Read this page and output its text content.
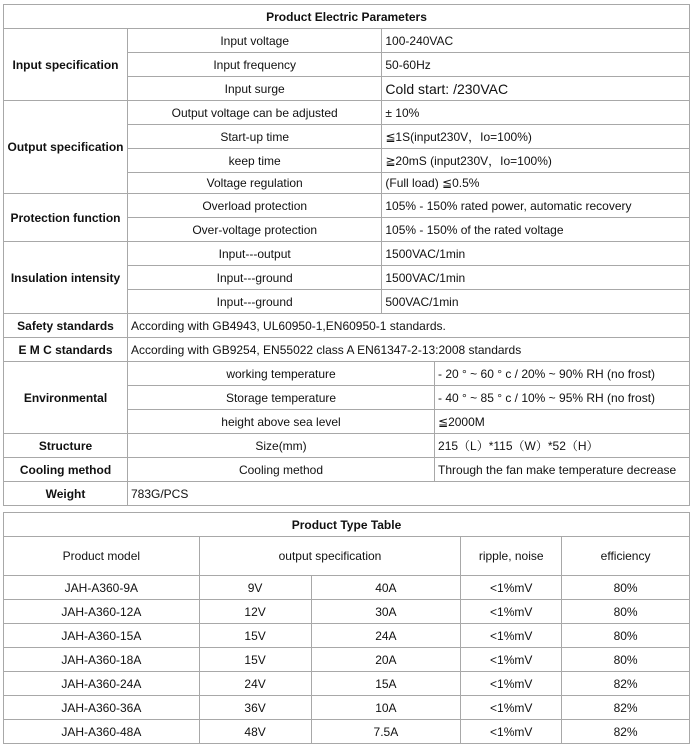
Product Electric Parameters			
Input specification	Input voltage	100-240VAC	
	Input frequency	50-60Hz	
	Input surge	Cold start: /230VAC	
Output specification	Output voltage can be adjusted	± 10%	
	Start-up time	≦1S(input230V，Io=100%)	
	keep time	≧20mS (input230V，Io=100%)	
	Voltage regulation	(Full load) ≦0.5%	
Protection function	Overload protection	105% - 150% rated power, automatic recovery	
	Over-voltage protection	105% - 150% of the rated voltage	
Insulation intensity	Input---output	1500VAC/1min	
	Input---ground	1500VAC/1min	
	Input---ground	500VAC/1min	
Safety standards	According with GB4943, UL60950-1,EN60950-1 standards.		
E M C standards	According with GB9254, EN55022 class A EN61347-2-13:2008 standards		
Environmental	working temperature		- 20 ° ~ 60 ° c / 20% ~ 90% RH (no frost)
	Storage temperature		- 40 ° ~ 85 ° c / 10% ~ 95% RH (no frost)
	height above sea level		≦2000M
Structure	Size(mm)		215（L）*115（W）*52（H）
Cooling method	Cooling method		Through the fan make temperature decrease
Weight	783G/PCS		
Product Type Table				
Product model	output specification		ripple, noise	efficiency
JAH-A360-9A	9V	40A	<1%mV	80%
JAH-A360-12A	12V	30A	<1%mV	80%
JAH-A360-15A	15V	24A	<1%mV	80%
JAH-A360-18A	15V	20A	<1%mV	80%
JAH-A360-24A	24V	15A	<1%mV	82%
JAH-A360-36A	36V	10A	<1%mV	82%
JAH-A360-48A	48V	7.5A	<1%mV	82%
